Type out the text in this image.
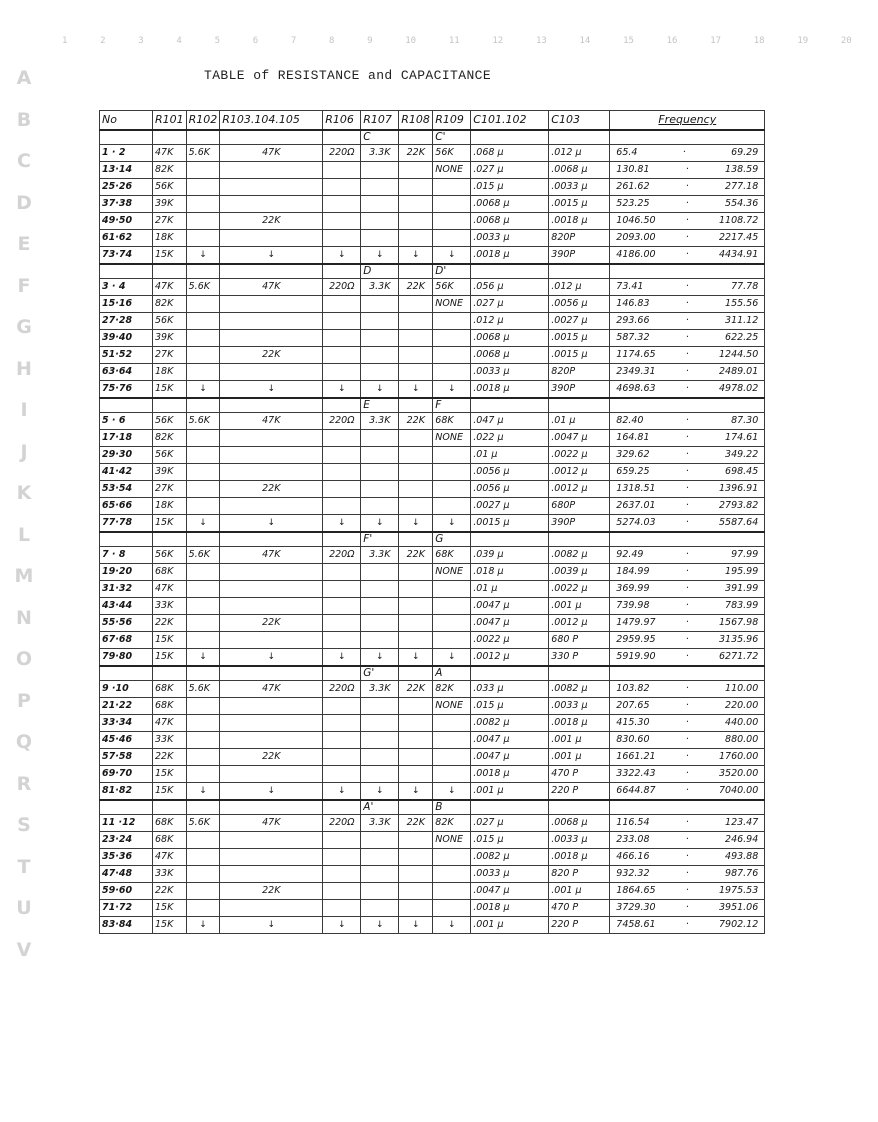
1	2	3	4	5	6	7	8	9	10	11	12	13	14	15	16	17	18	19	20
A
B
C
D
E
F
G
H
I
J
K
L
M
N
O
P
Q
R
S
T
U
V
TABLE of RESISTANCE and CAPACITANCE
No	R101	R102	R103.104.105	R106	R107	R108	R109	C101.102	C103	Frequency
					C		C'			
1 · 2	47K	5.6K	47K	220Ω	3.3K	22K	56K	.068 μ	.012 μ	65.4 · 69.29

13·14	82K						NONE	.027 μ	.0068 μ	130.81 · 138.59

25·26	56K							.015 μ	.0033 μ	261.62 · 277.18

37·38	39K							.0068 μ	.0015 μ	523.25 · 554.36

49·50	27K		22K					.0068 μ	.0018 μ	1046.50 · 1108.72

61·62	18K							.0033 μ	820P	2093.00 · 2217.45

73·74	15K	↓	↓	↓	↓	↓	↓	.0018 μ	390P	4186.00 · 4434.91

					D		D'			
3 · 4	47K	5.6K	47K	220Ω	3.3K	22K	56K	.056 μ	.012 μ	73.41 · 77.78

15·16	82K						NONE	.027 μ	.0056 μ	146.83 · 155.56

27·28	56K							.012 μ	.0027 μ	293.66 · 311.12

39·40	39K							.0068 μ	.0015 μ	587.32 · 622.25

51·52	27K		22K					.0068 μ	.0015 μ	1174.65 · 1244.50

63·64	18K							.0033 μ	820P	2349.31 · 2489.01

75·76	15K	↓	↓	↓	↓	↓	↓	.0018 μ	390P	4698.63 · 4978.02

					E		F			
5 · 6	56K	5.6K	47K	220Ω	3.3K	22K	68K	.047 μ	.01 μ	82.40 · 87.30

17·18	82K						NONE	.022 μ	.0047 μ	164.81 · 174.61

29·30	56K							.01 μ	.0022 μ	329.62 · 349.22

41·42	39K							.0056 μ	.0012 μ	659.25 · 698.45

53·54	27K		22K					.0056 μ	.0012 μ	1318.51 · 1396.91

65·66	18K							.0027 μ	680P	2637.01 · 2793.82

77·78	15K	↓	↓	↓	↓	↓	↓	.0015 μ	390P	5274.03 · 5587.64

					F'		G			
7 · 8	56K	5.6K	47K	220Ω	3.3K	22K	68K	.039 μ	.0082 μ	92.49 · 97.99

19·20	68K						NONE	.018 μ	.0039 μ	184.99 · 195.99

31·32	47K							.01 μ	.0022 μ	369.99 · 391.99

43·44	33K							.0047 μ	.001 μ	739.98 · 783.99

55·56	22K		22K					.0047 μ	.0012 μ	1479.97 · 1567.98

67·68	15K							.0022 μ	680 P	2959.95 · 3135.96

79·80	15K	↓	↓	↓	↓	↓	↓	.0012 μ	330 P	5919.90 · 6271.72

					G'		A			
9 ·10	68K	5.6K	47K	220Ω	3.3K	22K	82K	.033 μ	.0082 μ	103.82 · 110.00

21·22	68K						NONE	.015 μ	.0033 μ	207.65 · 220.00

33·34	47K							.0082 μ	.0018 μ	415.30 · 440.00

45·46	33K							.0047 μ	.001 μ	830.60 · 880.00

57·58	22K		22K					.0047 μ	.001 μ	1661.21 · 1760.00

69·70	15K							.0018 μ	470 P	3322.43 · 3520.00

81·82	15K	↓	↓	↓	↓	↓	↓	.001 μ	220 P	6644.87 · 7040.00

					A'		B			
11 ·12	68K	5.6K	47K	220Ω	3.3K	22K	82K	.027 μ	.0068 μ	116.54 · 123.47

23·24	68K						NONE	.015 μ	.0033 μ	233.08 · 246.94

35·36	47K							.0082 μ	.0018 μ	466.16 · 493.88

47·48	33K							.0033 μ	820 P	932.32 · 987.76

59·60	22K		22K					.0047 μ	.001 μ	1864.65 · 1975.53

71·72	15K							.0018 μ	470 P	3729.30 · 3951.06

83·84	15K	↓	↓	↓	↓	↓	↓	.001 μ	220 P	7458.61 · 7902.12
